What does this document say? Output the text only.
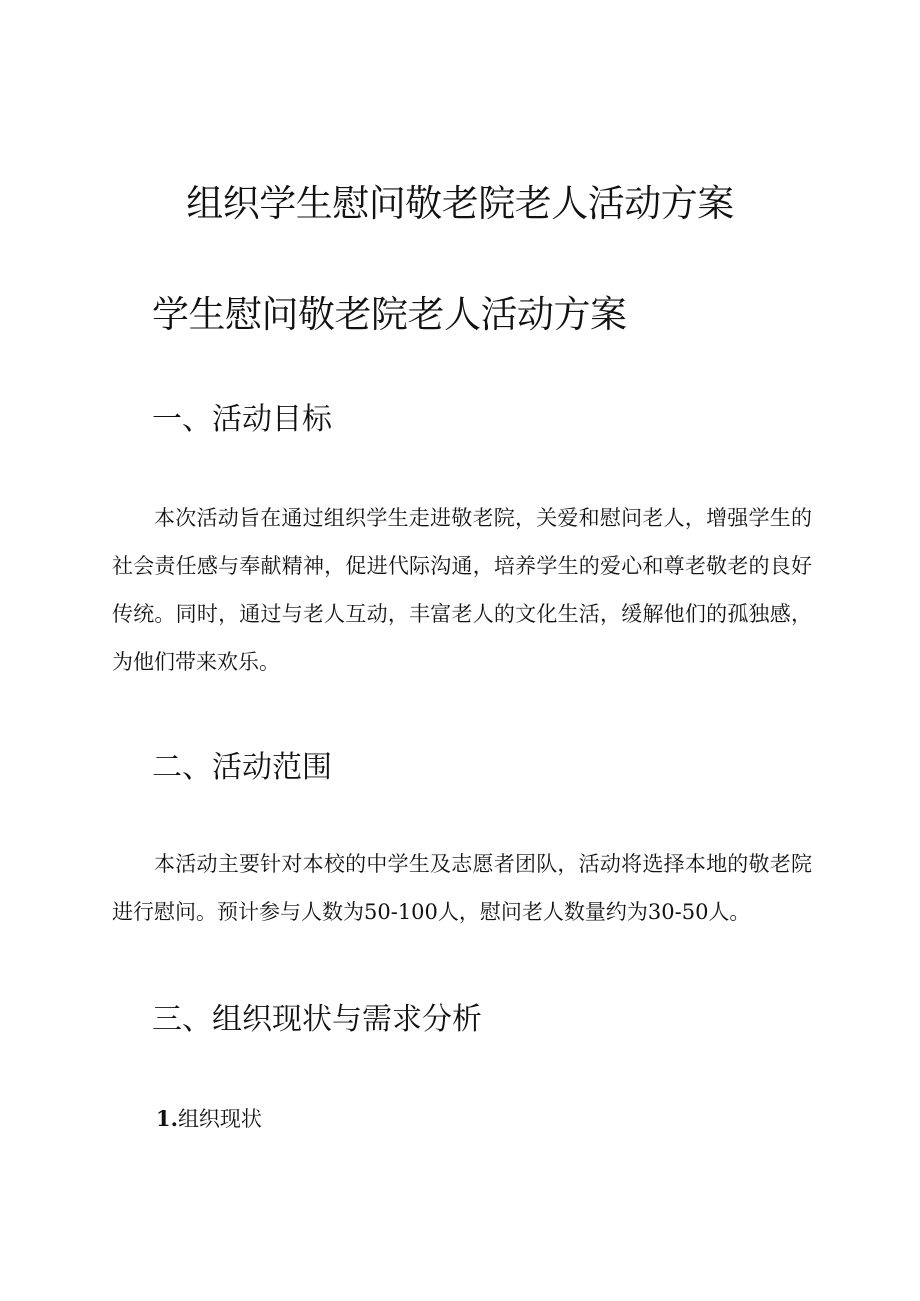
组织学生慰问敬老院老人活动方案
学生慰问敬老院老人活动方案
一、活动目标

本次活动旨在通过组织学生走进敬老院，关爱和慰问老人，增强学生的社会责任感与奉献精神，促进代际沟通，培养学生的爱心和尊老敬老的良好传统。同时，通过与老人互动，丰富老人的文化生活，缓解他们的孤独感，为他们带来欢乐。

二、活动范围

本活动主要针对本校的中学生及志愿者团队，活动将选择本地的敬老院进行慰问。预计参与人数为50-100人，慰问老人数量约为30-50人。

三、组织现状与需求分析

1.组织现状
